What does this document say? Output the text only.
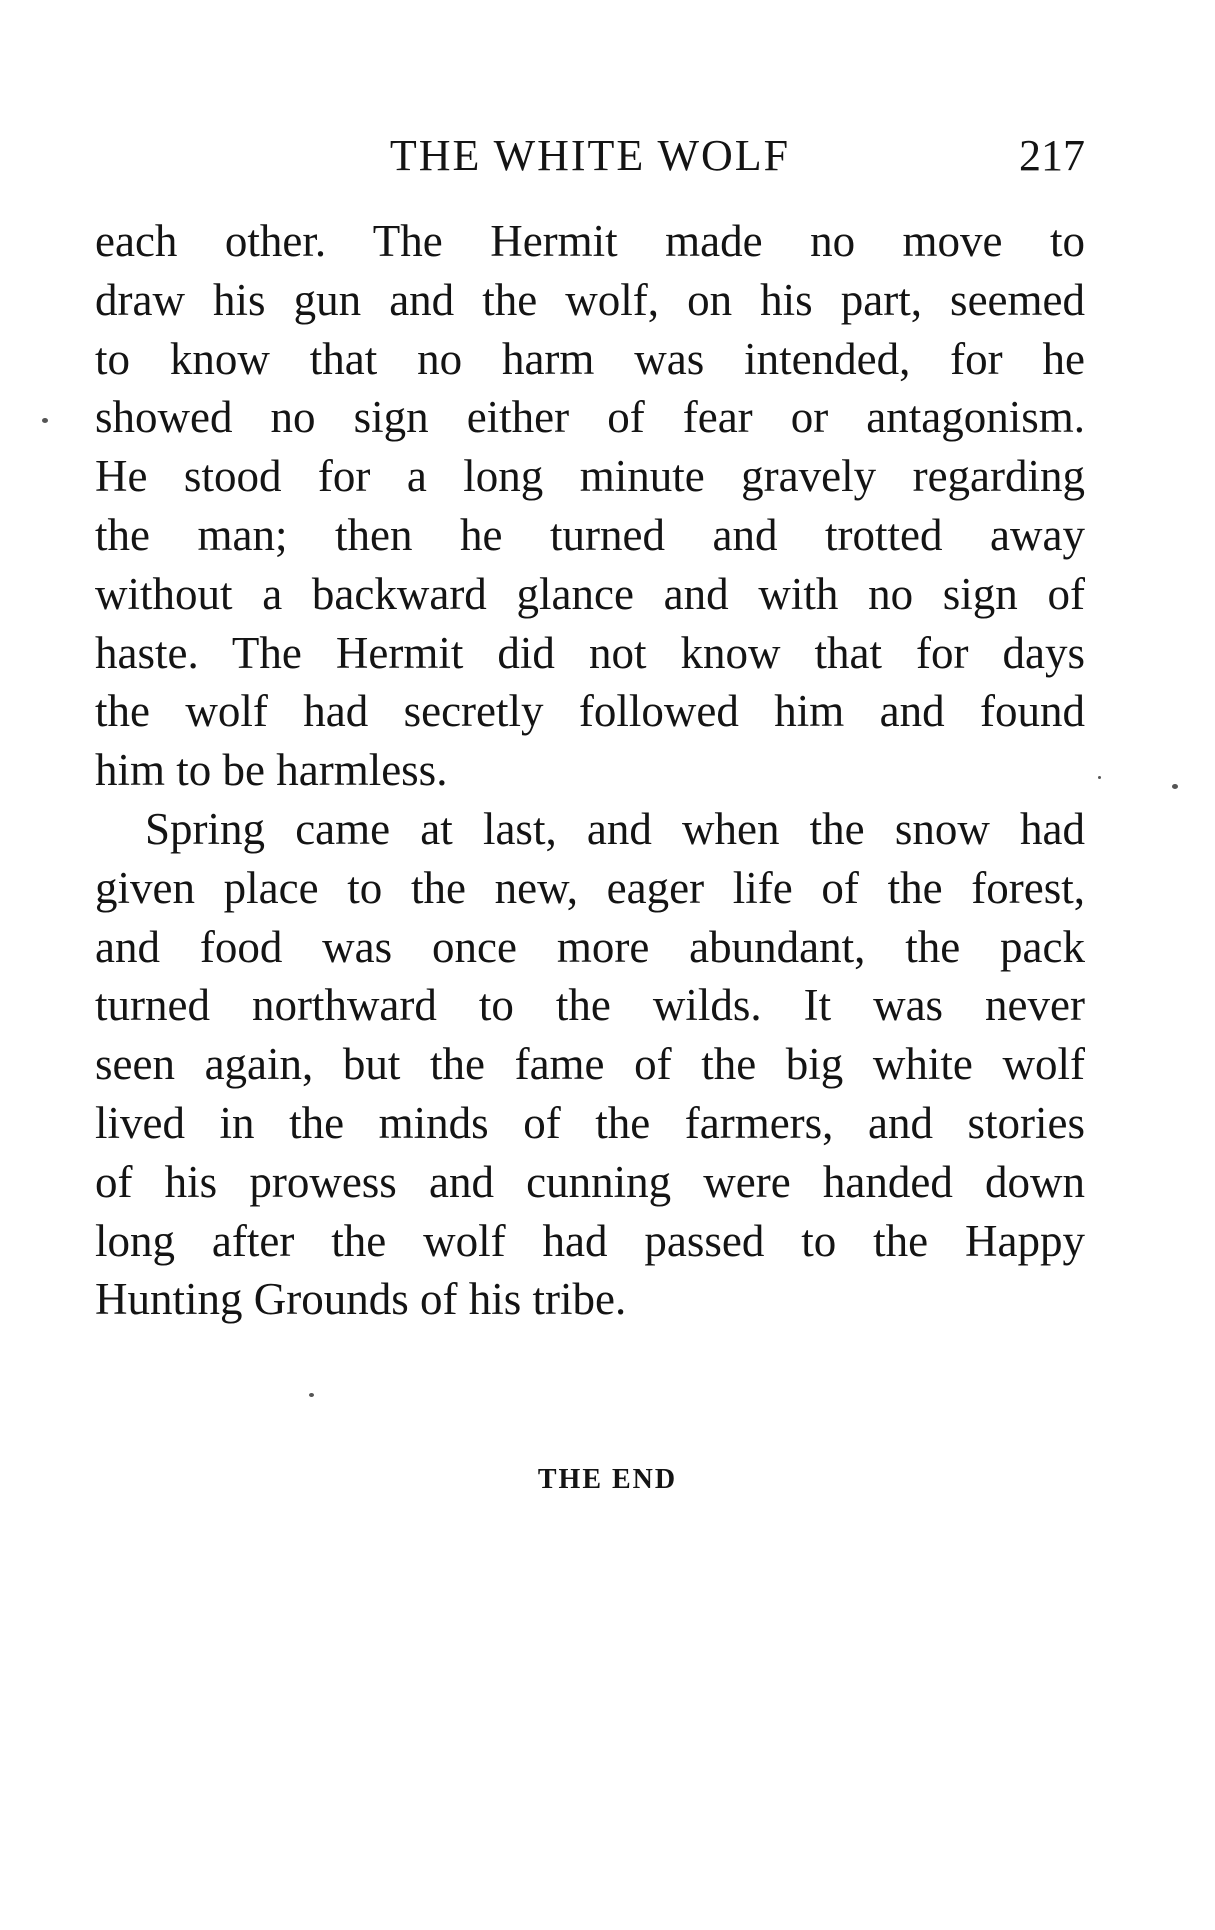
THE WHITE WOLF	217

each other. The Hermit made no move to
draw his gun and the wolf, on his part, seemed
to know that no harm was intended, for he
showed no sign either of fear or antagonism.
He stood for a long minute gravely regarding
the man; then he turned and trotted away
without a backward glance and with no sign of
haste. The Hermit did not know that for days
the wolf had secretly followed him and found
him to be harmless.

Spring came at last, and when the snow had
given place to the new, eager life of the forest,
and food was once more abundant, the pack
turned northward to the wilds. It was never
seen again, but the fame of the big white wolf
lived in the minds of the farmers, and stories
of his prowess and cunning were handed down
long after the wolf had passed to the Happy
Hunting Grounds of his tribe.

THE END
